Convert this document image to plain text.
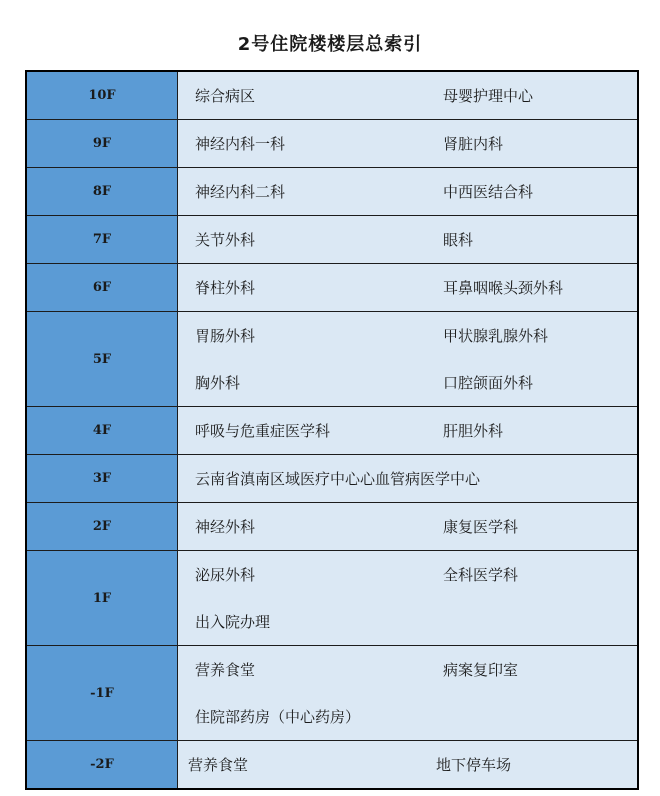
2号住院楼楼层总索引
10F	综合病区 母婴护理中心

9F	神经内科一科 肾脏内科

8F	神经内科二科 中西医结合科

7F	关节外科 眼科

6F	脊柱外科 耳鼻咽喉头颈外科

5F	胃肠外科 甲状腺乳腺外科
胸外科 口腔颌面外科

4F	呼吸与危重症医学科 肝胆外科

3F	云南省滇南区域医疗中心心血管病医学中心

2F	神经外科 康复医学科

1F	泌尿外科 全科医学科
出入院办理

-1F	营养食堂 病案复印室
住院部药房（中心药房）

-2F	营养食堂 地下停车场
